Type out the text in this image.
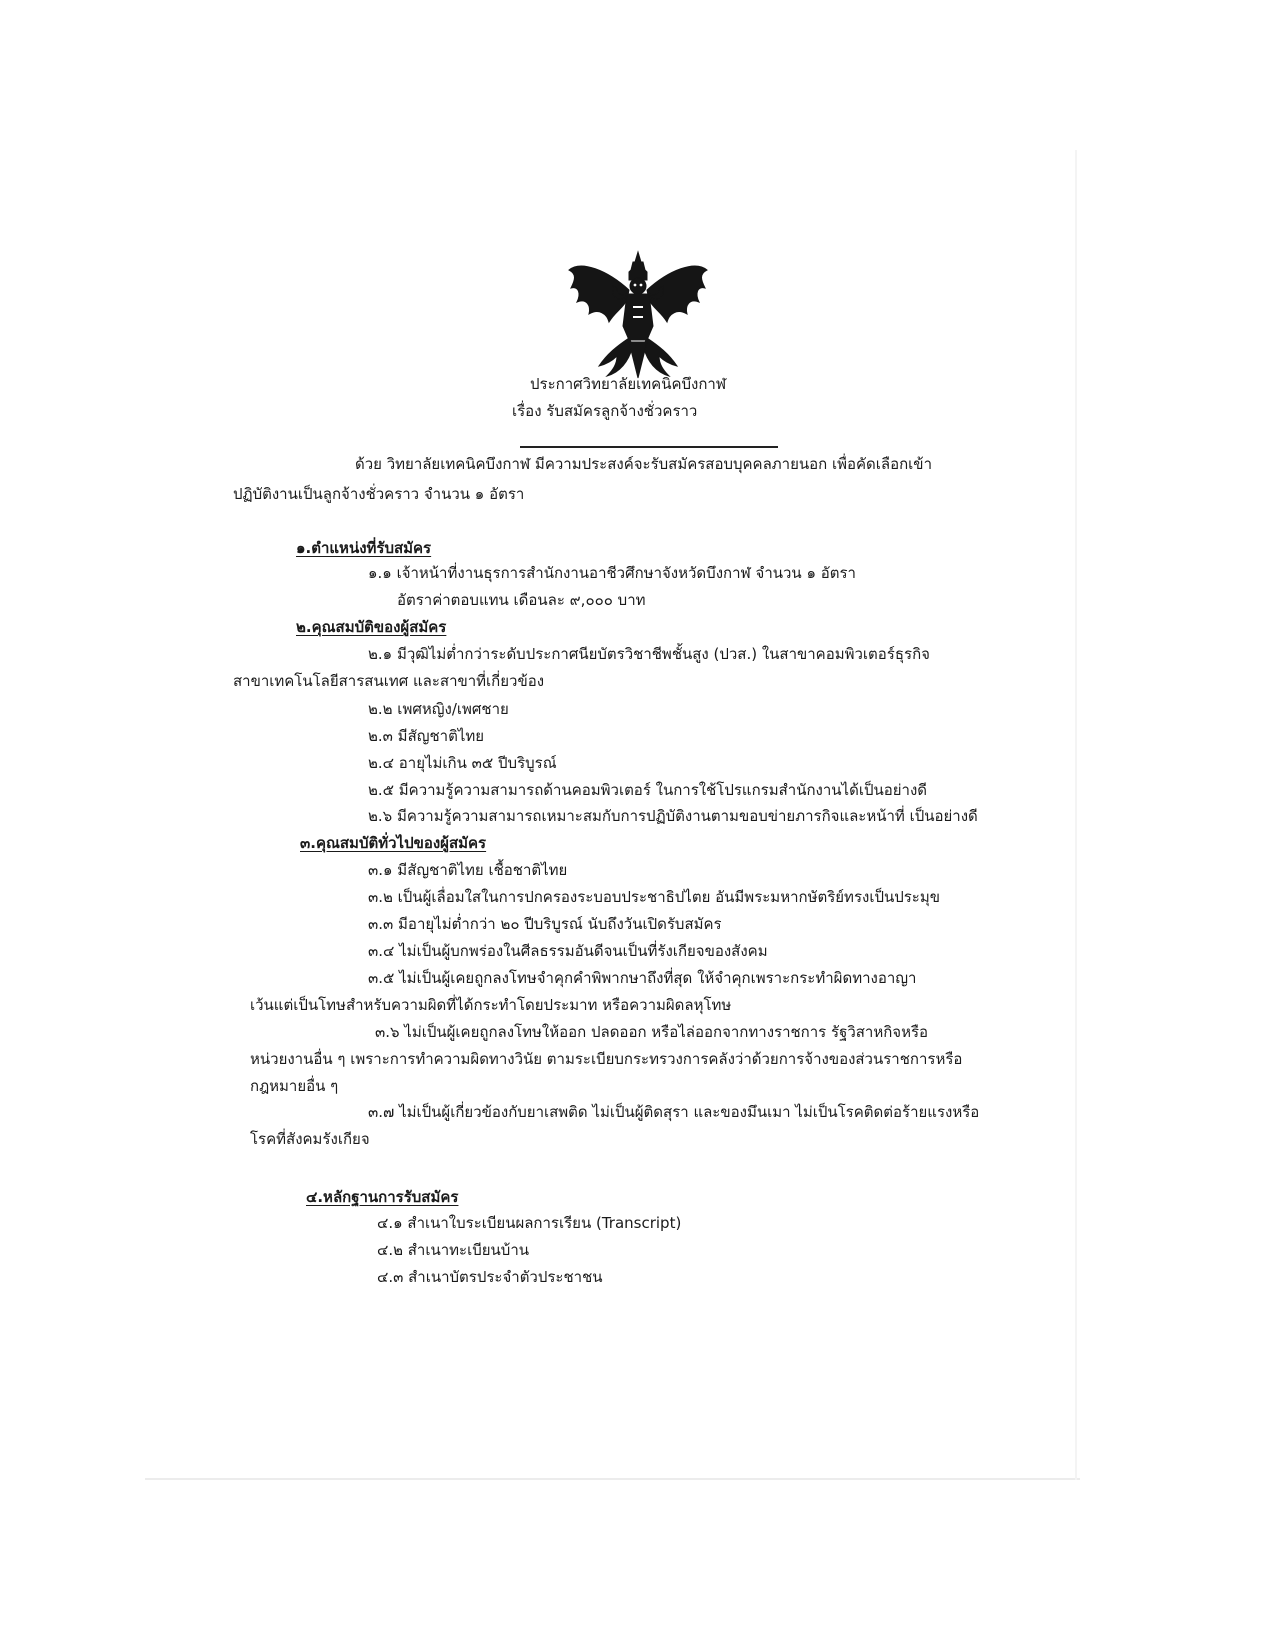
ประกาศวิทยาลัยเทคนิคบึงกาฬ
เรื่อง รับสมัครลูกจ้างชั่วคราว
ด้วย วิทยาลัยเทคนิคบึงกาฬ มีความประสงค์จะรับสมัครสอบบุคคลภายนอก เพื่อคัดเลือกเข้า
ปฏิบัติงานเป็นลูกจ้างชั่วคราว จำนวน ๑ อัตรา
๑.ตำแหน่งที่รับสมัคร
๑.๑ เจ้าหน้าที่งานธุรการสำนักงานอาชีวศึกษาจังหวัดบึงกาฬ จำนวน ๑ อัตรา
อัตราค่าตอบแทน เดือนละ ๙,๐๐๐ บาท
๒.คุณสมบัติของผู้สมัคร
๒.๑ มีวุฒิไม่ต่ำกว่าระดับประกาศนียบัตรวิชาชีพชั้นสูง (ปวส.) ในสาขาคอมพิวเตอร์ธุรกิจ
สาขาเทคโนโลยีสารสนเทศ และสาขาที่เกี่ยวข้อง
๒.๒ เพศหญิง/เพศชาย
๒.๓ มีสัญชาติไทย
๒.๔ อายุไม่เกิน ๓๕ ปีบริบูรณ์
๒.๕ มีความรู้ความสามารถด้านคอมพิวเตอร์ ในการใช้โปรแกรมสำนักงานได้เป็นอย่างดี
๒.๖ มีความรู้ความสามารถเหมาะสมกับการปฏิบัติงานตามขอบข่ายภารกิจและหน้าที่ เป็นอย่างดี
๓.คุณสมบัติทั่วไปของผู้สมัคร
๓.๑ มีสัญชาติไทย เชื้อชาติไทย
๓.๒ เป็นผู้เลื่อมใสในการปกครองระบอบประชาธิปไตย อันมีพระมหากษัตริย์ทรงเป็นประมุข
๓.๓ มีอายุไม่ต่ำกว่า ๒๐ ปีบริบูรณ์ นับถึงวันเปิดรับสมัคร
๓.๔ ไม่เป็นผู้บกพร่องในศีลธรรมอันดีจนเป็นที่รังเกียจของสังคม
๓.๕ ไม่เป็นผู้เคยถูกลงโทษจำคุกคำพิพากษาถึงที่สุด ให้จำคุกเพราะกระทำผิดทางอาญา
เว้นแต่เป็นโทษสำหรับความผิดที่ได้กระทำโดยประมาท หรือความผิดลหุโทษ
๓.๖ ไม่เป็นผู้เคยถูกลงโทษให้ออก ปลดออก หรือไล่ออกจากทางราชการ รัฐวิสาหกิจหรือ
หน่วยงานอื่น ๆ เพราะการทำความผิดทางวินัย ตามระเบียบกระทรวงการคลังว่าด้วยการจ้างของส่วนราชการหรือ
กฎหมายอื่น ๆ
๓.๗ ไม่เป็นผู้เกี่ยวข้องกับยาเสพติด ไม่เป็นผู้ติดสุรา และของมึนเมา ไม่เป็นโรคติดต่อร้ายแรงหรือ
โรคที่สังคมรังเกียจ
๔.หลักฐานการรับสมัคร
๔.๑ สำเนาใบระเบียนผลการเรียน (Transcript)
๔.๒ สำเนาทะเบียนบ้าน
๔.๓ สำเนาบัตรประจำตัวประชาชน
